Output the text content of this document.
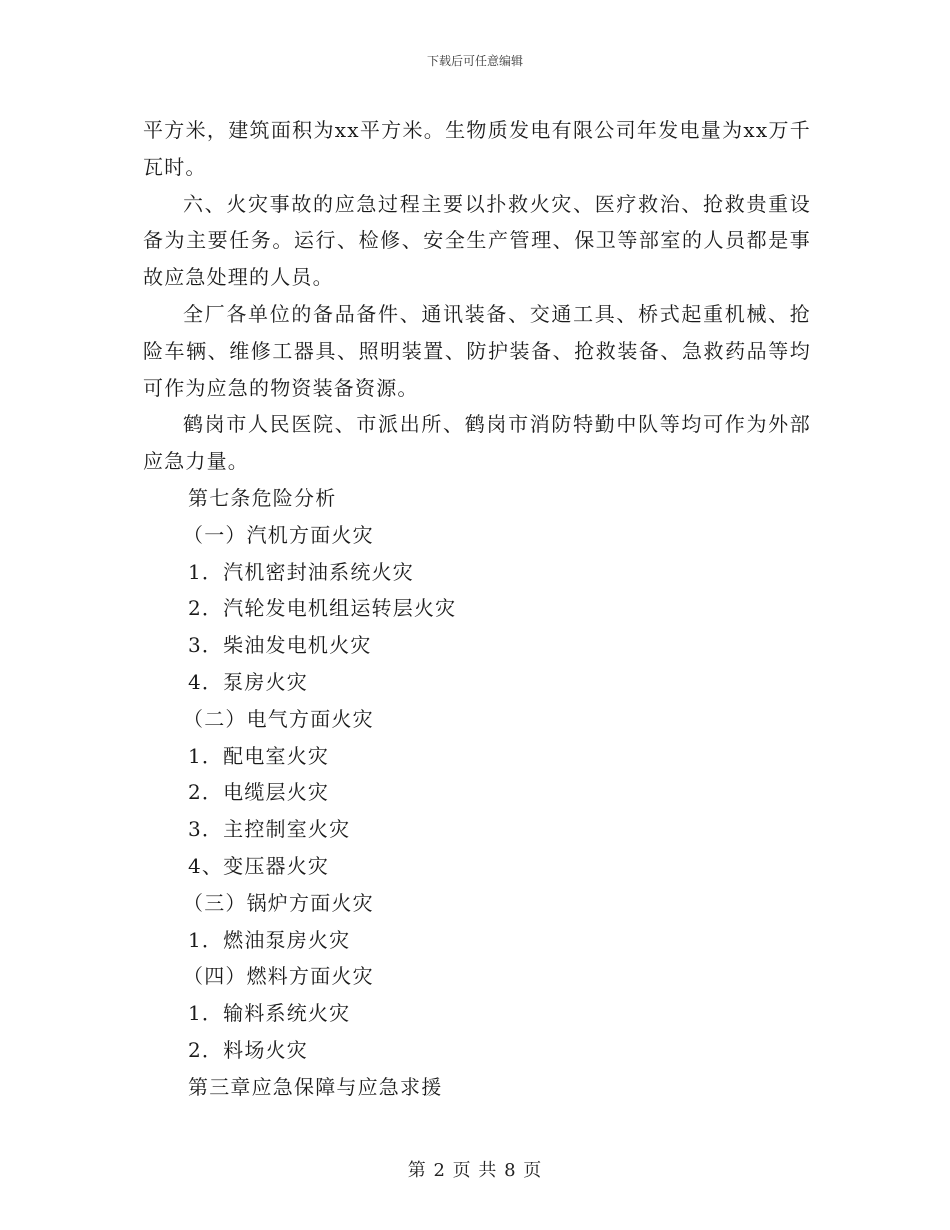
下载后可任意编辑

平方米，建筑面积为xx平方米。生物质发电有限公司年发电量为xx万千瓦时。

六、火灾事故的应急过程主要以扑救火灾、医疗救治、抢救贵重设备为主要任务。运行、检修、安全生产管理、保卫等部室的人员都是事故应急处理的人员。

全厂各单位的备品备件、通讯装备、交通工具、桥式起重机械、抢险车辆、维修工器具、照明装置、防护装备、抢救装备、急救药品等均可作为应急的物资装备资源。

鹤岗市人民医院、市派出所、鹤岗市消防特勤中队等均可作为外部应急力量。

第七条危险分析

（一）汽机方面火灾

1．汽机密封油系统火灾

2．汽轮发电机组运转层火灾

3．柴油发电机火灾

4．泵房火灾

（二）电气方面火灾

1．配电室火灾

2．电缆层火灾

3．主控制室火灾

4、变压器火灾

（三）锅炉方面火灾

1．燃油泵房火灾

（四）燃料方面火灾

1．输料系统火灾

2．料场火灾

第三章应急保障与应急求援

第 2 页 共 8 页
